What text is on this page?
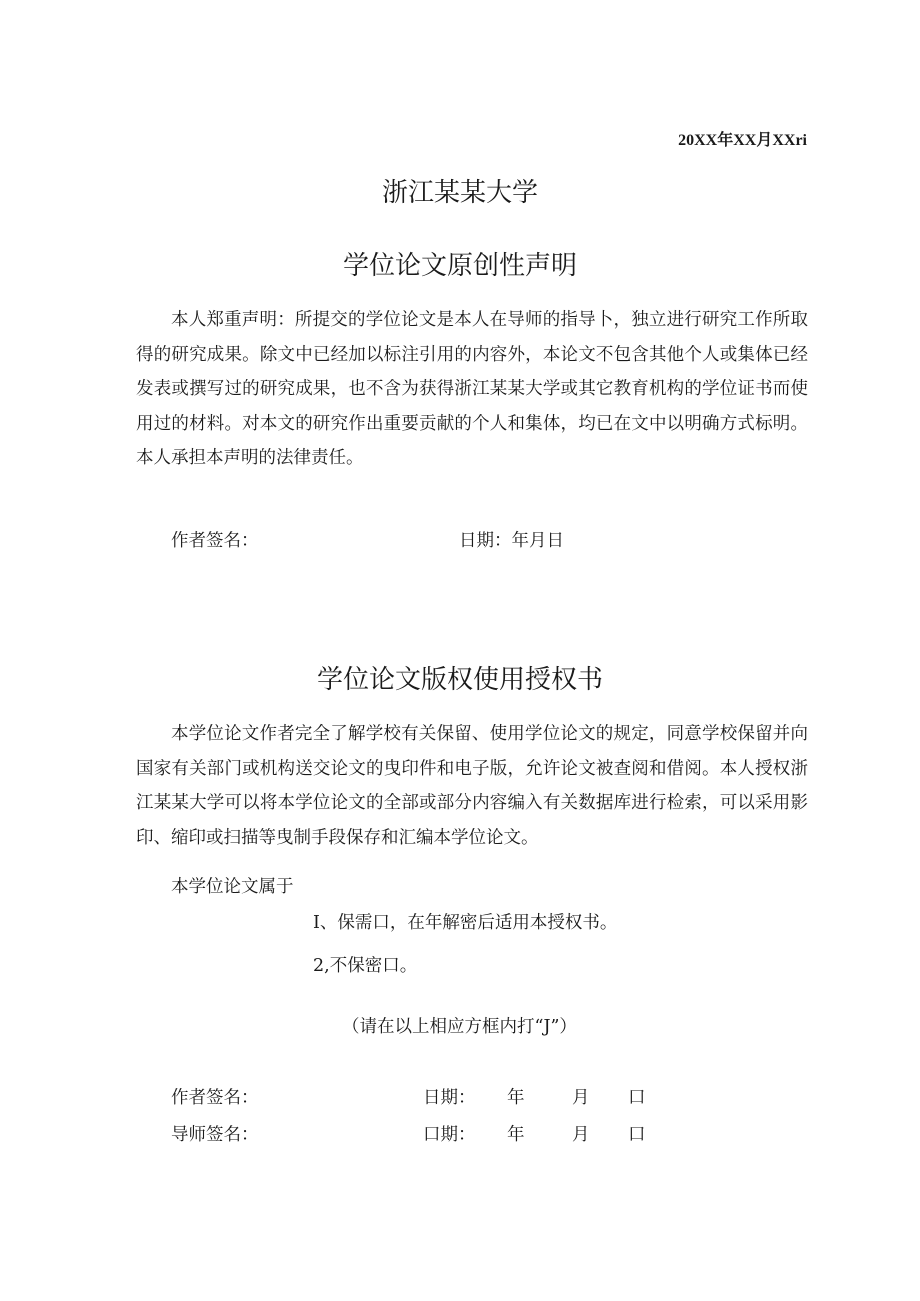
20XX年XX月XXri
浙江某某大学
学位论文原创性声明

本人郑重声明：所提交的学位论文是本人在导师的指导卜，独立进行研究工作所取得的研究成果。除文中已经加以标注引用的内容外，本论文不包含其他个人或集体已经发表或撰写过的研究成果，也不含为获得浙江某某大学或其它教育机构的学位证书而使用过的材料。对本文的研究作出重要贡献的个人和集体，均已在文中以明确方式标明。本人承担本声明的法律责任。

作者签名：	日期：年月日
学位论文版权使用授权书

本学位论文作者完全了解学校有关保留、使用学位论文的规定，同意学校保留并向国家有关部门或机构送交论文的曳印件和电子版，允许论文被查阅和借阅。本人授权浙江某某大学可以将本学位论文的全部或部分内容编入有关数据库进行检索，可以采用影印、缩印或扫描等曳制手段保存和汇编本学位论文。

本学位论文属于
I、保需口，在年解密后适用本授权书。
2,不保密口。
（请在以上相应方框内打“J”）
作者签名：	日期： 年	月 口
导师签名：	口期： 年	月 口
